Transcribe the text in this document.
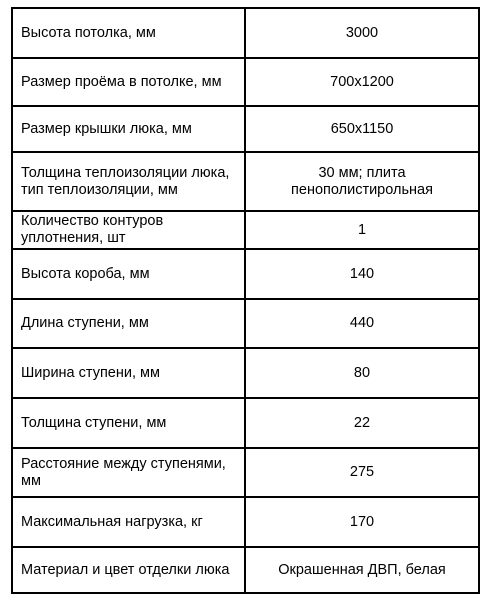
Высота потолка, мм	3000
Размер проёма в потолке, мм	700х1200
Размер крышки люка, мм	650х1150
Толщина теплоизоляции люка, тип теплоизоляции, мм	30 мм; плита пенополистирольная
Количество контуров уплотнения, шт	1
Высота короба, мм	140
Длина ступени, мм	440
Ширина ступени, мм	80
Толщина ступени, мм	22
Расстояние между ступенями, мм	275
Максимальная нагрузка, кг	170
Материал и цвет отделки люка	Окрашенная ДВП, белая
